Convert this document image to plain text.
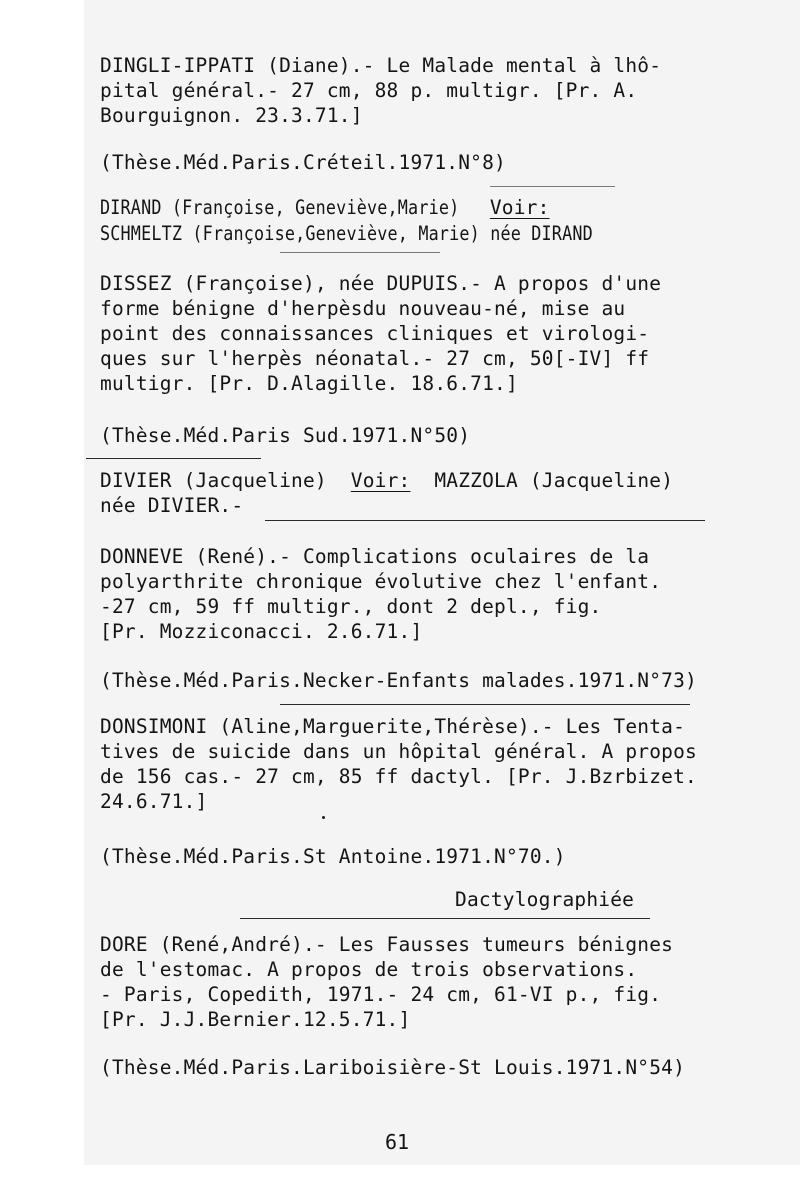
DINGLI-IPPATI (Diane).- Le Malade mental à lhô-
pital général.- 27 cm, 88 p. multigr. [Pr. A.
Bourguignon. 23.3.71.]
(Thèse.Méd.Paris.Créteil.1971.N°8)
DIRAND (Françoise, Geneviève,Marie) Voir:
SCHMELTZ (Françoise,Geneviève, Marie) née DIRAND
DISSEZ (Françoise), née DUPUIS.- A propos d'une
forme bénigne d'herpèsdu nouveau-né, mise au
point des connaissances cliniques et virologi-
ques sur l'herpès néonatal.- 27 cm, 50[-IV] ff
multigr. [Pr. D.Alagille. 18.6.71.]
(Thèse.Méd.Paris Sud.1971.N°50)
DIVIER (Jacqueline)  Voir:  MAZZOLA (Jacqueline)
née DIVIER.-
DONNEVE (René).- Complications oculaires de la
polyarthrite chronique évolutive chez l'enfant.
-27 cm, 59 ff multigr., dont 2 depl., fig.
[Pr. Mozziconacci. 2.6.71.]
(Thèse.Méd.Paris.Necker-Enfants malades.1971.N°73)
DONSIMONI (Aline,Marguerite,Thérèse).- Les Tenta-
tives de suicide dans un hôpital général. A propos
de 156 cas.- 27 cm, 85 ff dactyl. [Pr. J.Bzrbizet.
24.6.71.]
(Thèse.Méd.Paris.St Antoine.1971.N°70.)
Dactylographiée
DORE (René,André).- Les Fausses tumeurs bénignes
de l'estomac. A propos de trois observations.
- Paris, Copedith, 1971.- 24 cm, 61-VI p., fig.
[Pr. J.J.Bernier.12.5.71.]
(Thèse.Méd.Paris.Lariboisière-St Louis.1971.N°54)
61
